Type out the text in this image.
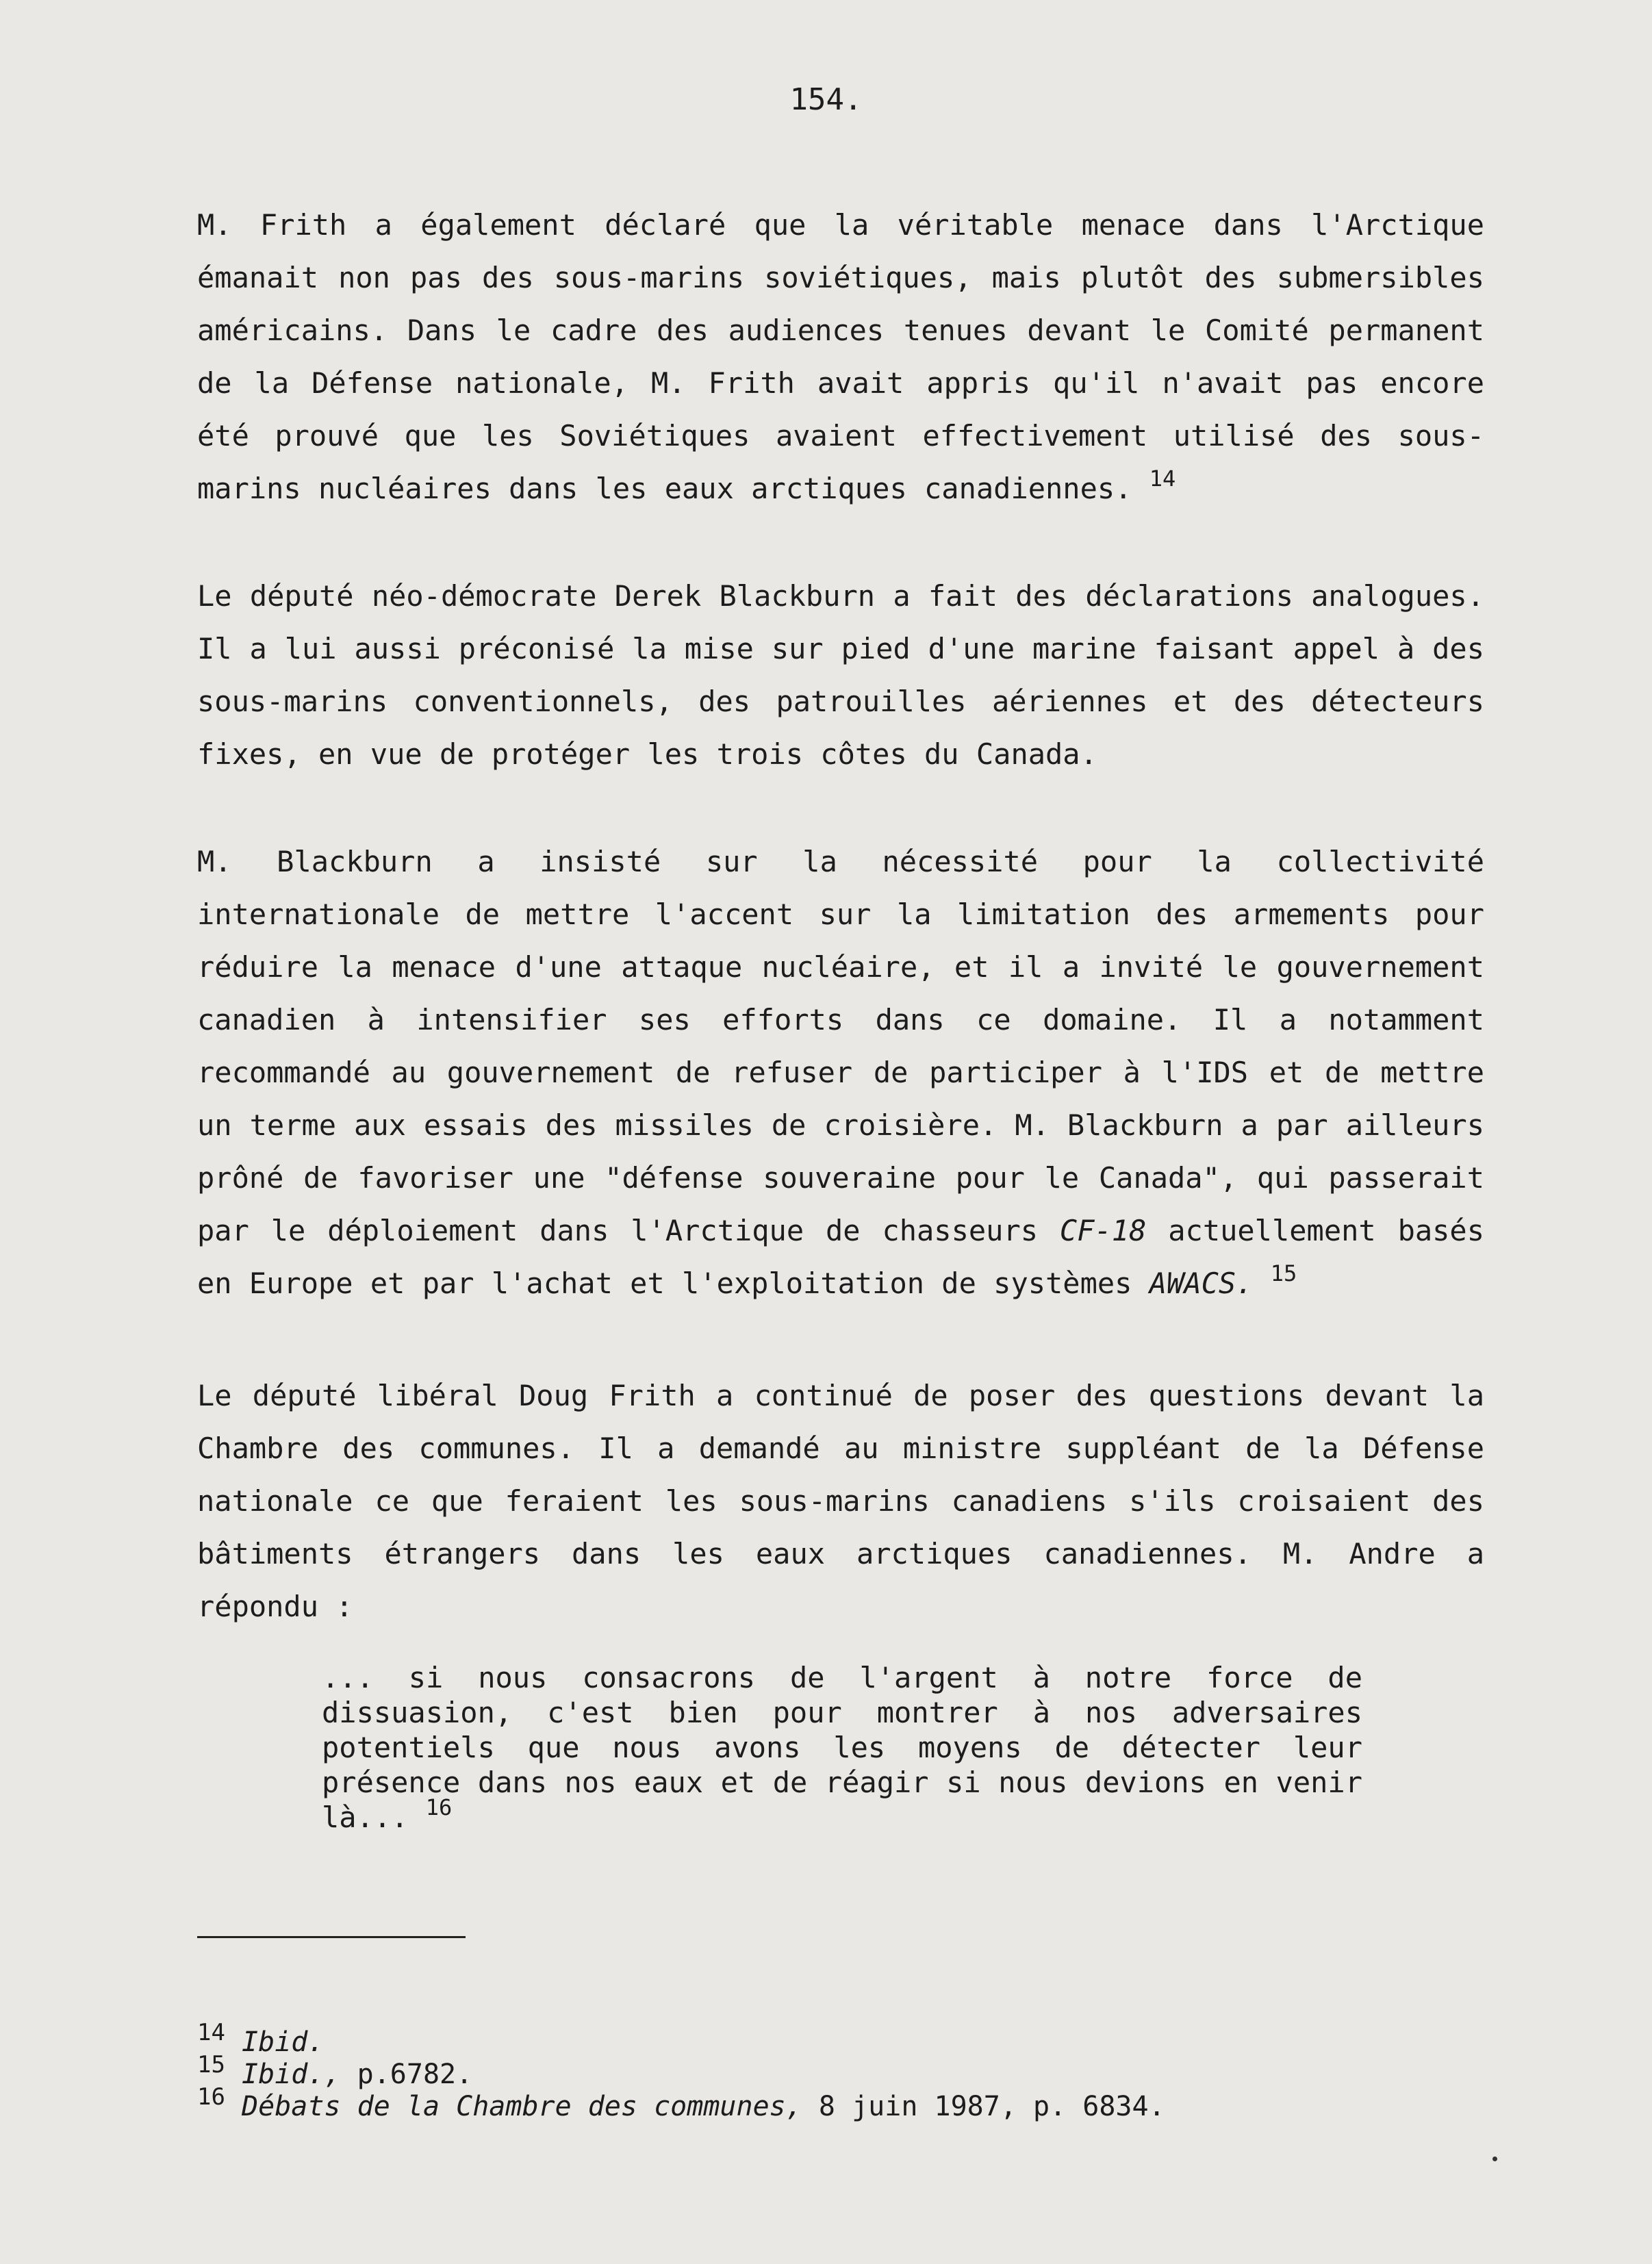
154.

M. Frith a également déclaré que la véritable menace dans l'Arctique émanait non pas des sous-marins soviétiques, mais plutôt des submersibles américains. Dans le cadre des audiences tenues devant le Comité permanent de la Défense nationale, M. Frith avait appris qu'il n'avait pas encore été prouvé que les Soviétiques avaient effectivement utilisé des sous-marins nucléaires dans les eaux arctiques canadiennes. $^{14}$

Le député néo-démocrate Derek Blackburn a fait des déclarations analogues. Il a lui aussi préconisé la mise sur pied d'une marine faisant appel à des sous-marins conventionnels, des patrouilles aériennes et des détecteurs fixes, en vue de protéger les trois côtes du Canada.

M. Blackburn a insisté sur la nécessité pour la collectivité internationale de mettre l'accent sur la limitation des armements pour réduire la menace d'une attaque nucléaire, et il a invité le gouvernement canadien à intensifier ses efforts dans ce domaine. Il a notamment recommandé au gouvernement de refuser de participer à l'IDS et de mettre un terme aux essais des missiles de croisière. M. Blackburn a par ailleurs prôné de favoriser une "défense souveraine pour le Canada", qui passerait par le déploiement dans l'Arctique de chasseurs CF-18 actuellement basés en Europe et par l'achat et l'exploitation de systèmes AWACS. $^{15}$

Le député libéral Doug Frith a continué de poser des questions devant la Chambre des communes. Il a demandé au ministre suppléant de la Défense nationale ce que feraient les sous-marins canadiens s'ils croisaient des bâtiments étrangers dans les eaux arctiques canadiennes. M. Andre a répondu :

... si nous consacrons de l'argent à notre force de dissuasion, c'est bien pour montrer à nos adversaires potentiels que nous avons les moyens de détecter leur présence dans nos eaux et de réagir si nous devions en venir là... $^{16}$

$^{14}$ Ibid.
$^{15}$ Ibid., p.6782.
$^{16}$ Débats de la Chambre des communes, 8 juin 1987, p. 6834.
